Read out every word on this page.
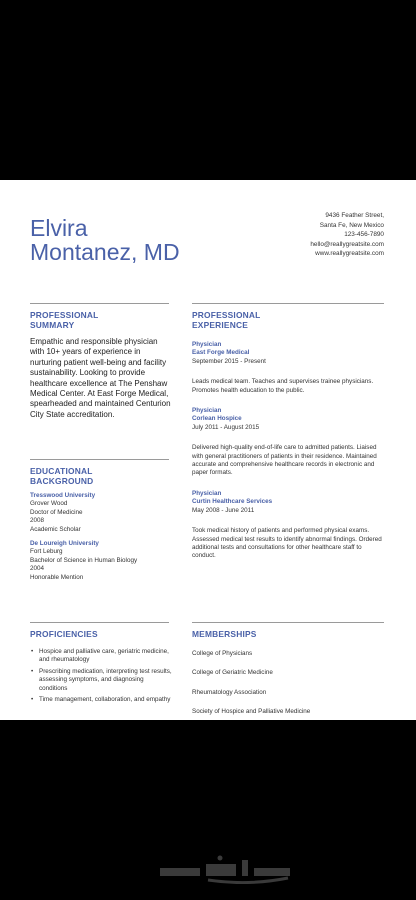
Elvira
Montanez, MD
9436 Feather Street,
Santa Fe, New Mexico
123-456-7890
hello@reallygreatsite.com
www.reallygreatsite.com
PROFESSIONAL
SUMMARY
Empathic and responsible physician with 10+ years of experience in nurturing patient well-being and facility sustainability. Looking to provide healthcare excellence at The Penshaw Medical Center. At East Forge Medical, spearheaded and maintained Centurion City State accreditation.
EDUCATIONAL
BACKGROUND
Tresswood University
Grover Wood
Doctor of Medicine
2008
Academic Scholar
De Loureigh University
Fort Leburg
Bachelor of Science in Human Biology
2004
Honorable Mention
PROFESSIONAL
EXPERIENCE
Physician
East Forge Medical
September 2015 - Present
Leads medical team. Teaches and supervises trainee physicians. Promotes health education to the public.
Physician
Corlean Hospice
July 2011 - August 2015
Delivered high-quality end-of-life care to admitted patients. Liaised with general practitioners of patients in their residence. Maintained accurate and comprehensive healthcare records in electronic and paper formats.
Physician
Curtin Healthcare Services
May 2008 - June 2011
Took medical history of patients and performed physical exams. Assessed medical test results to identify abnormal findings. Ordered additional tests and consultations for other healthcare staff to conduct.
PROFICIENCIES
• Hospice and palliative care, geriatric medicine, and rheumatology
• Prescribing medication, interpreting test results, assessing symptoms, and diagnosing conditions
• Time management, collaboration, and empathy
MEMBERSHIPS
College of Physicians
College of Geriatric Medicine
Rheumatology Association
Society of Hospice and Palliative Medicine
